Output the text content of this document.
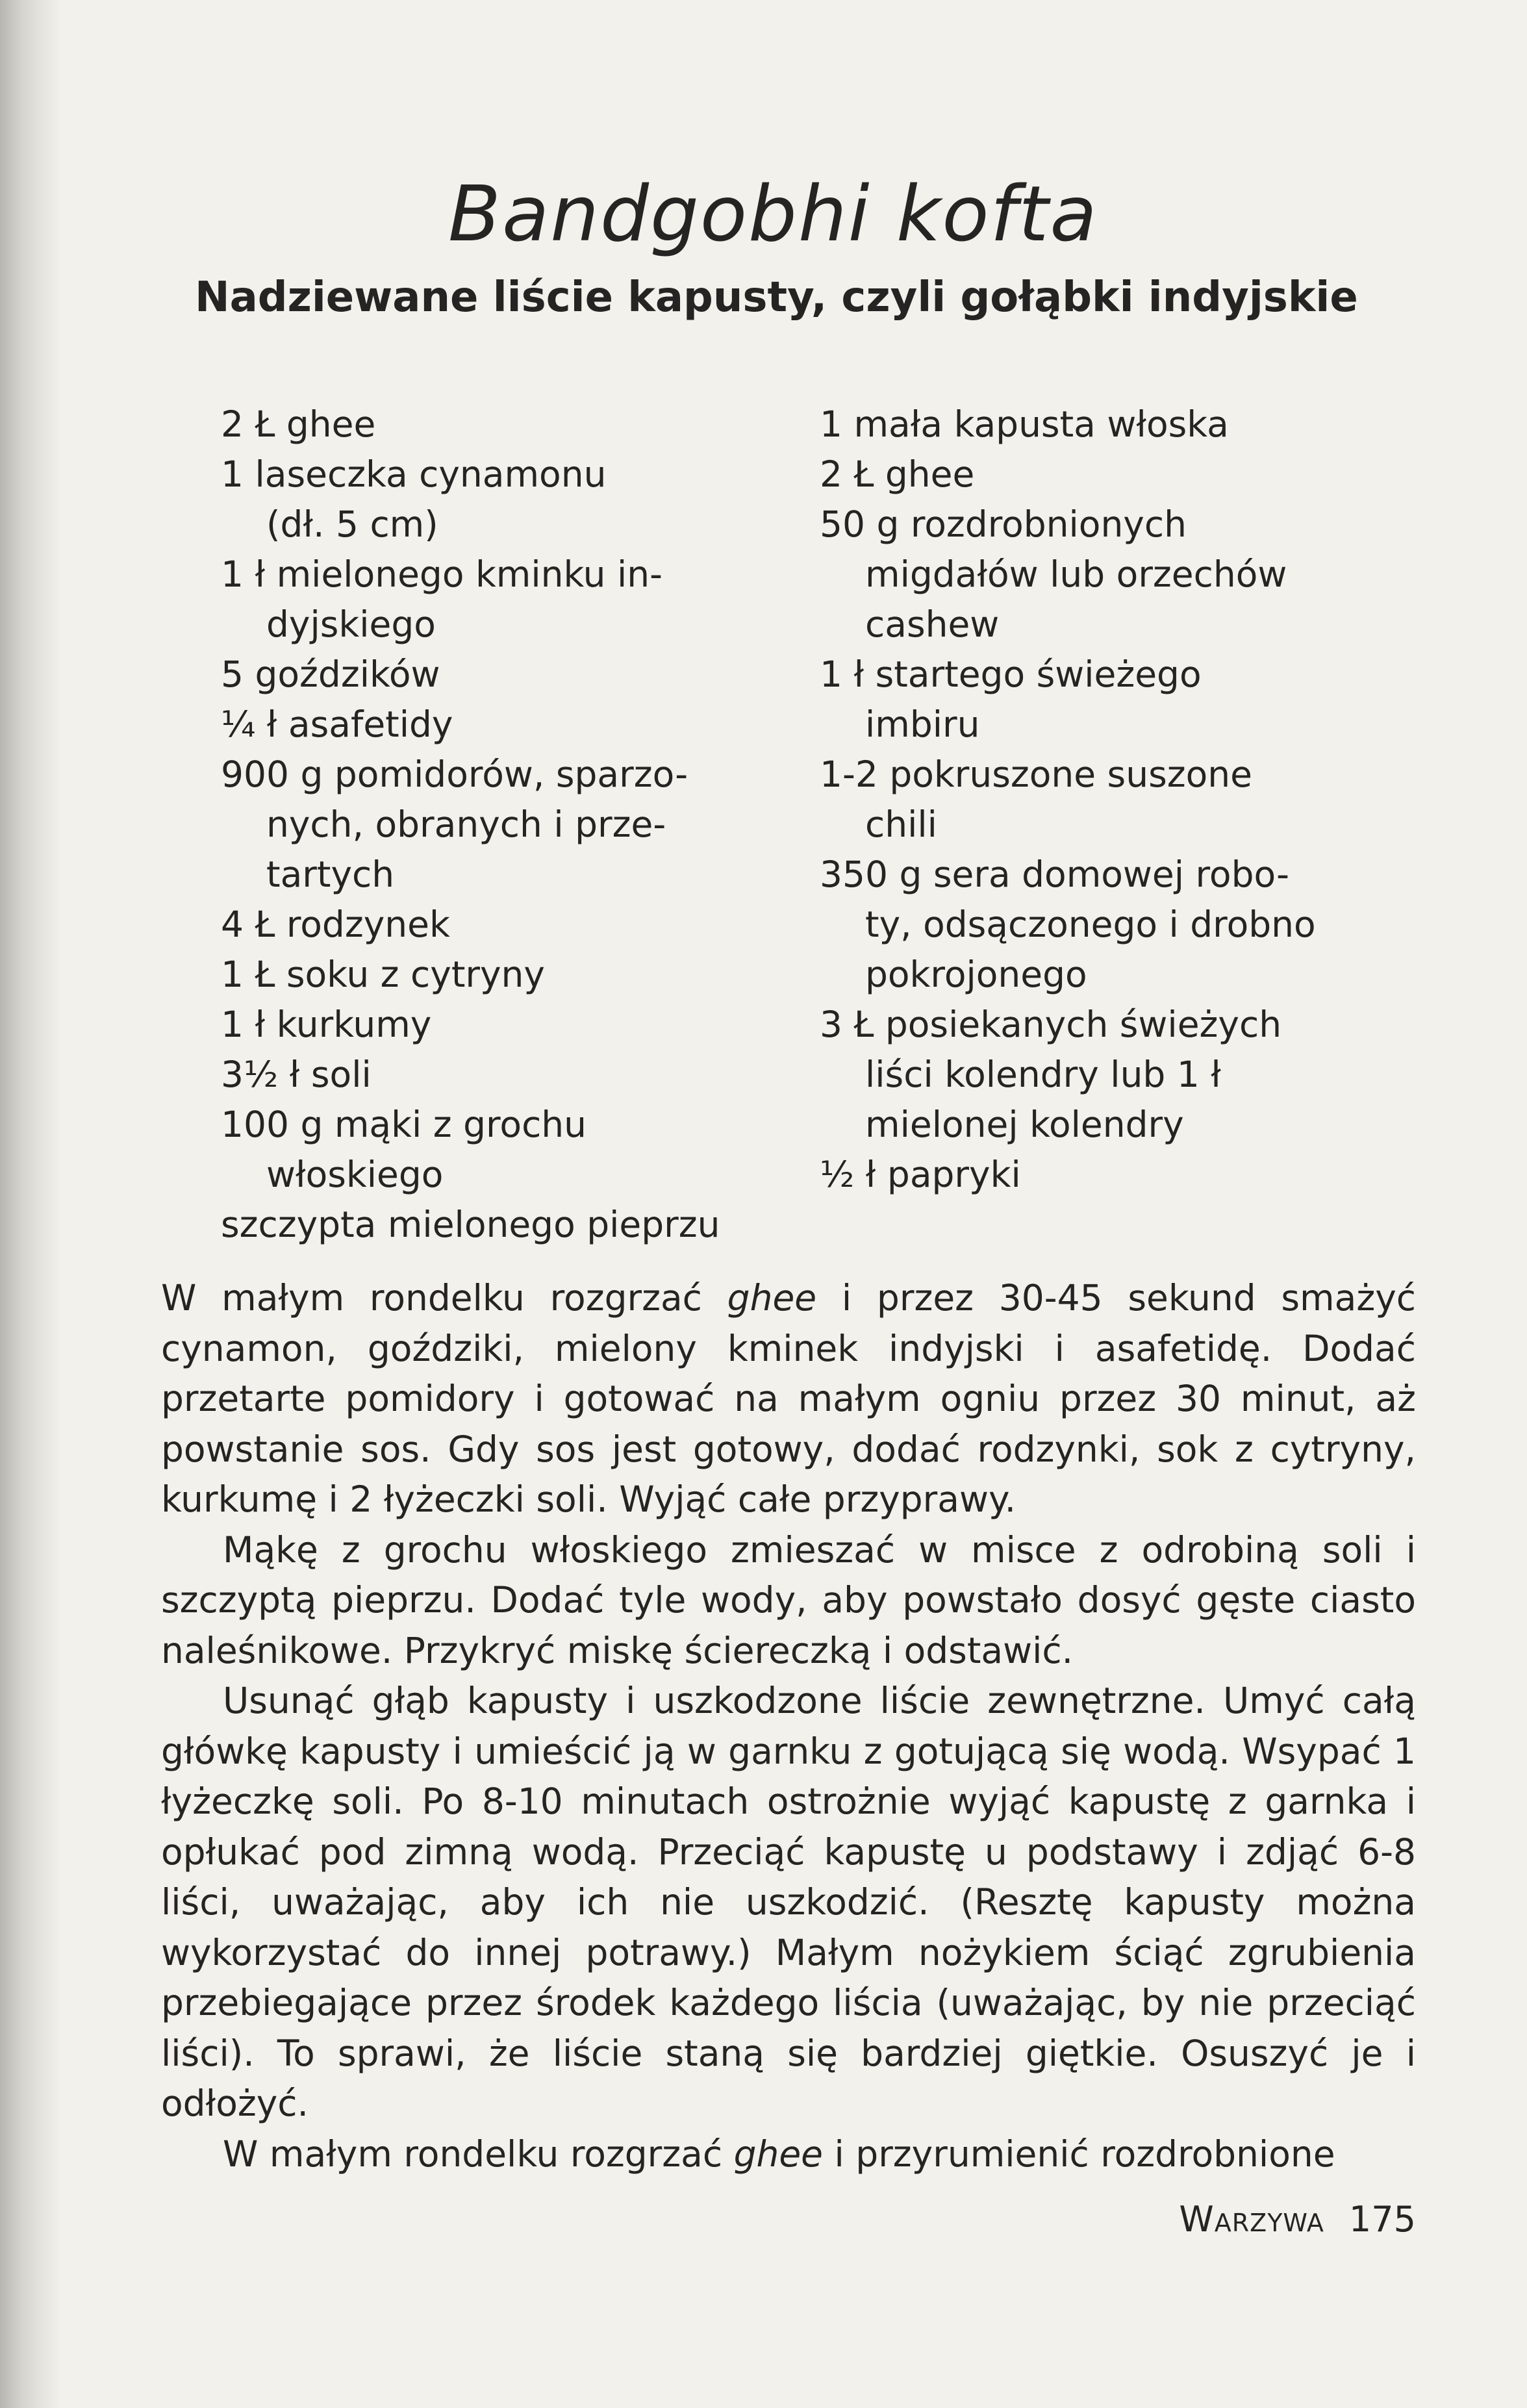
Bandgobhi kofta
Nadziewane liście kapusty, czyli gołąbki indyjskie
2 Ł ghee
1 laseczka cynamonu
(dł. 5 cm)
1 ł mielonego kminku in-
dyjskiego
5 goździków
¼ ł asafetidy
900 g pomidorów, sparzo-
nych, obranych i prze-
tartych
4 Ł rodzynek
1 Ł soku z cytryny
1 ł kurkumy
3½ ł soli
100 g mąki z grochu
włoskiego
szczypta mielonego pieprzu
1 mała kapusta włoska
2 Ł ghee
50 g rozdrobnionych
migdałów lub orzechów
cashew
1 ł startego świeżego
imbiru
1-2 pokruszone suszone
chili
350 g sera domowej robo-
ty, odsączonego i drobno
pokrojonego
3 Ł posiekanych świeżych
liści kolendry lub 1 ł
mielonej kolendry
½ ł papryki

W małym rondelku rozgrzać ghee i przez 30-45 sekund smażyć cynamon, goździki, mielony kminek indyjski i asafetidę. Dodać przetarte pomidory i gotować na małym ogniu przez 30 minut, aż powstanie sos. Gdy sos jest gotowy, dodać rodzynki, sok z cytryny, kurkumę i 2 łyżeczki soli. Wyjąć całe przyprawy.

Mąkę z grochu włoskiego zmieszać w misce z odrobiną soli i szczyptą pieprzu. Dodać tyle wody, aby powstało dosyć gęste ciasto naleśnikowe. Przykryć miskę ściereczką i odstawić.

Usunąć głąb kapusty i uszkodzone liście zewnętrzne. Umyć całą główkę kapusty i umieścić ją w garnku z gotującą się wodą. Wsypać 1 łyżeczkę soli. Po 8-10 minutach ostrożnie wyjąć kapustę z garnka i opłukać pod zimną wodą. Przeciąć kapustę u podstawy i zdjąć 6-8 liści, uważając, aby ich nie uszkodzić. (Resztę kapusty można wykorzystać do innej potrawy.) Małym nożykiem ściąć zgrubienia przebiegające przez środek każdego liścia (uważając, by nie przeciąć liści). To sprawi, że liście staną się bardziej giętkie. Osuszyć je i odłożyć.

W małym rondelku rozgrzać ghee i przyrumienić rozdrobnione

Warzywa 175
